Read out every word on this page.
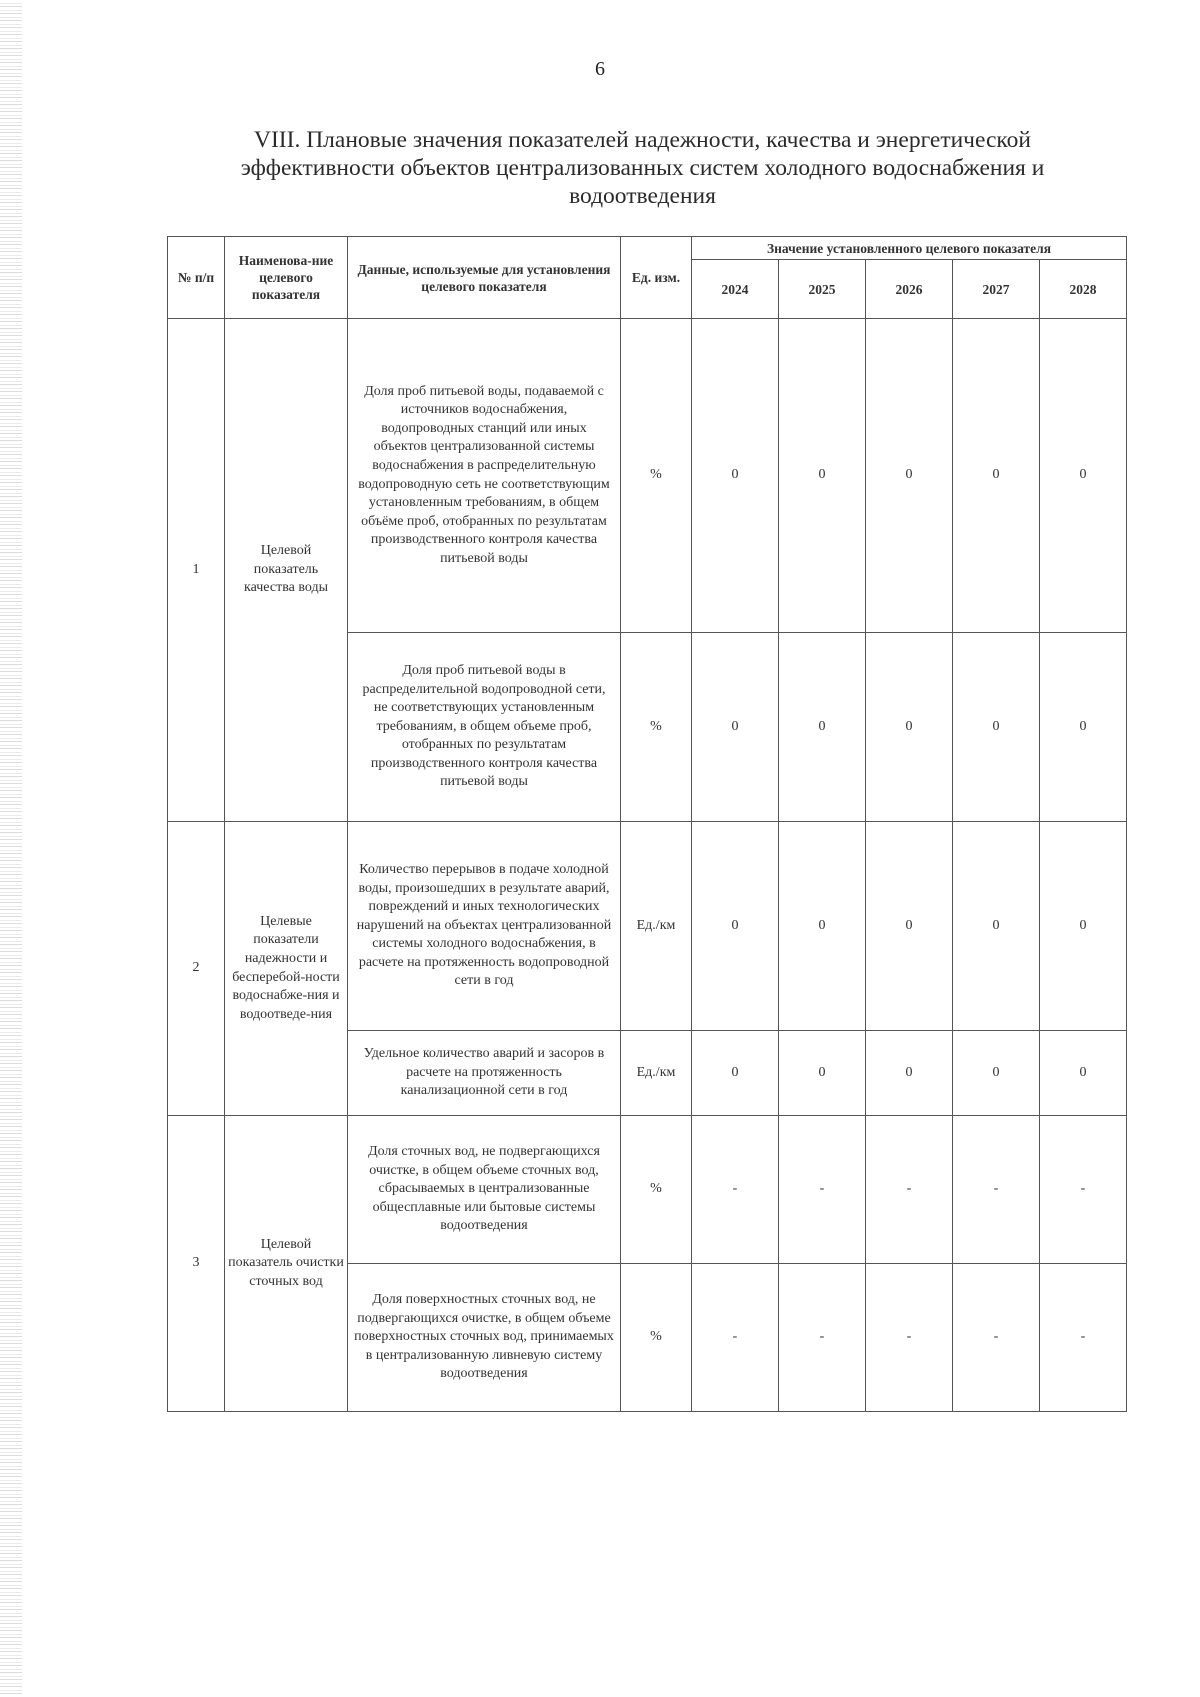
6
VIII. Плановые значения показателей надежности, качества и энергетической
эффективности объектов централизованных систем холодного водоснабжения и
водоотведения
№ п/п	Наименова-ние целевого показателя	Данные, используемые для установления целевого показателя	Ед. изм.	Значение установленного целевого показателя				
				2024	2025	2026	2027	2028
1	Целевой показатель качества воды	Доля проб питьевой воды, подаваемой с источников водоснабжения, водопроводных станций или иных объектов централизованной системы водоснабжения в распределительную водопроводную сеть не соответствующим установленным требованиям, в общем объёме проб, отобранных по результатам производственного контроля качества питьевой воды	%	0	0	0	0	0
		Доля проб питьевой воды в распределительной водопроводной сети, не соответствующих установленным требованиям, в общем объеме проб, отобранных по результатам производственного контроля качества питьевой воды	%	0	0	0	0	0
2	Целевые показатели надежности и бесперебой-ности водоснабже-ния и водоотведе-ния	Количество перерывов в подаче холодной воды, произошедших в результате аварий, повреждений и иных технологических нарушений на объектах централизованной системы холодного водоснабжения, в расчете на протяженность водопроводной сети в год	Ед./км	0	0	0	0	0
		Удельное количество аварий и засоров в расчете на протяженность канализационной сети в год	Ед./км	0	0	0	0	0
3	Целевой показатель очистки сточных вод	Доля сточных вод, не подвергающихся очистке, в общем объеме сточных вод, сбрасываемых в централизованные общесплавные или бытовые системы водоотведения	%	-	-	-	-	-
		Доля поверхностных сточных вод, не подвергающихся очистке, в общем объеме поверхностных сточных вод, принимаемых в централизованную ливневую систему водоотведения	%	-	-	-	-	-
